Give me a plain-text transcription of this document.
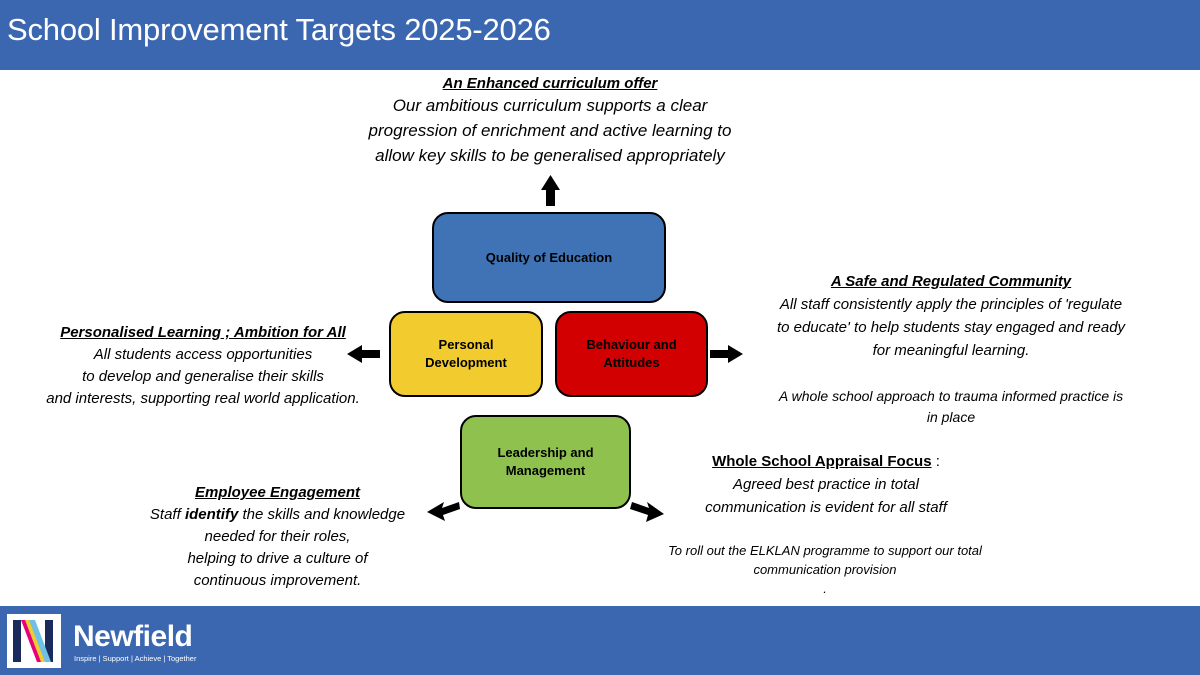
School Improvement Targets 2025-2026
Quality of Education
Personal
Development
Behaviour and
Attitudes
Leadership and
Management
An Enhanced curriculum offer
Our ambitious curriculum supports a clear
progression of enrichment and active learning to
allow key skills to be generalised appropriately
A Safe and Regulated Community
All staff consistently apply the principles of 'regulate
to educate' to help students stay engaged and ready
for meaningful learning.
A whole school approach to trauma informed practice is
in place
Personalised Learning ; Ambition for All
All students access opportunities
to develop and generalise their skills
and interests, supporting real world application.
Whole School Appraisal Focus :
Agreed best practice in total
communication is evident for all staff
To roll out the ELKLAN programme to support our total
communication provision
.
Employee Engagement
Staff identify the skills and knowledge
needed for their roles,
helping to drive a culture of
continuous improvement.
Newfield
Inspire | Support | Achieve | Together
